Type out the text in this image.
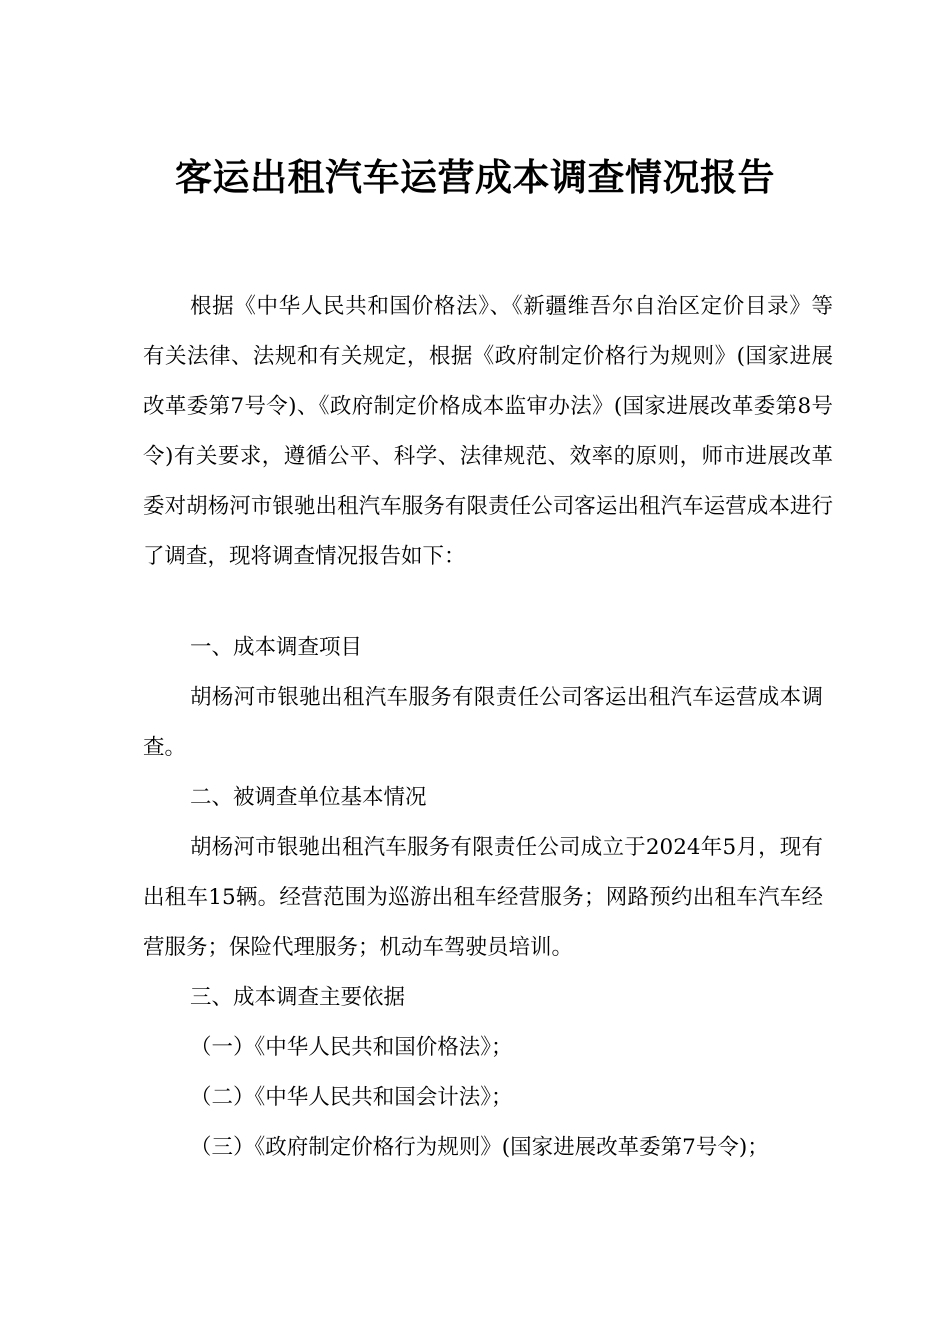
客运出租汽车运营成本调查情况报告

根据《中华人民共和国价格法》、《新疆维吾尔自治区定价目录》等有关法律、法规和有关规定，根据《政府制定价格行为规则》(国家进展改革委第7号令)、《政府制定价格成本监审办法》(国家进展改革委第8号令)有关要求，遵循公平、科学、法律规范、效率的原则，师市进展改革委对胡杨河市银驰出租汽车服务有限责任公司客运出租汽车运营成本进行了调查，现将调查情况报告如下：

一、成本调查项目

胡杨河市银驰出租汽车服务有限责任公司客运出租汽车运营成本调查。

二、被调查单位基本情况

胡杨河市银驰出租汽车服务有限责任公司成立于2024年5月，现有出租车15辆。经营范围为巡游出租车经营服务；网路预约出租车汽车经营服务；保险代理服务；机动车驾驶员培训。

三、成本调查主要依据

（一）《中华人民共和国价格法》；

（二）《中华人民共和国会计法》；

（三）《政府制定价格行为规则》(国家进展改革委第7号令)；
